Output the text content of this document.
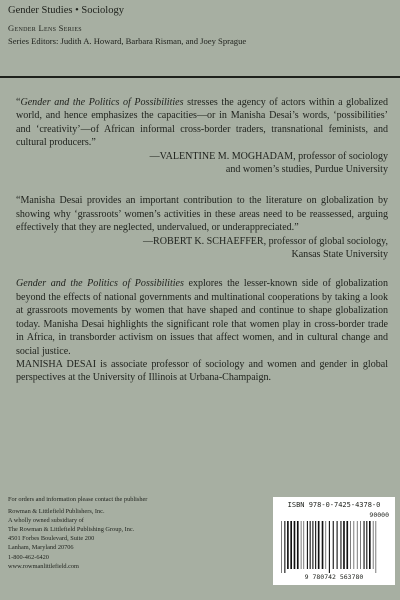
Gender Studies • Sociology
Gender Lens Series
Series Editors: Judith A. Howard, Barbara Risman, and Joey Sprague

“Gender and the Politics of Possibilities stresses the agency of actors within a globalized world, and hence emphasizes the capacities—or in Manisha Desai’s words, ‘possibilities’ and ‘creativity’—of African informal cross-border traders, transnational feminists, and cultural producers.”

—VALENTINE M. MOGHADAM, professor of sociology

and women’s studies, Purdue University

“Manisha Desai provides an important contribution to the literature on globalization by showing why ‘grassroots’ women’s activities in these areas need to be reassessed, arguing effectively that they are neglected, undervalued, or underappreciated.”

—ROBERT K. SCHAEFFER, professor of global sociology,

Kansas State University

Gender and the Politics of Possibilities explores the lesser-known side of globalization beyond the effects of national governments and multinational cooperations by taking a look at grassroots movements by women that have shaped and continue to shape globalization today. Manisha Desai highlights the significant role that women play in cross-border trade in Africa, in transborder activism on issues that affect women, and in cultural change and social justice.

MANISHA DESAI is associate professor of sociology and women and gender in global perspectives at the University of Illinois at Urbana-Champaign.

For orders and information please contact the publisher
Rowman & Littlefield Publishers, Inc.
A wholly owned subsidiary of
The Rowman & Littlefield Publishing Group, Inc.
4501 Forbes Boulevard, Suite 200
Lanham, Maryland 20706
1-800-462-6420
www.rowmanlittlefield.com
ISBN 978-0-7425-4378-0
90000
9 780742 563780
